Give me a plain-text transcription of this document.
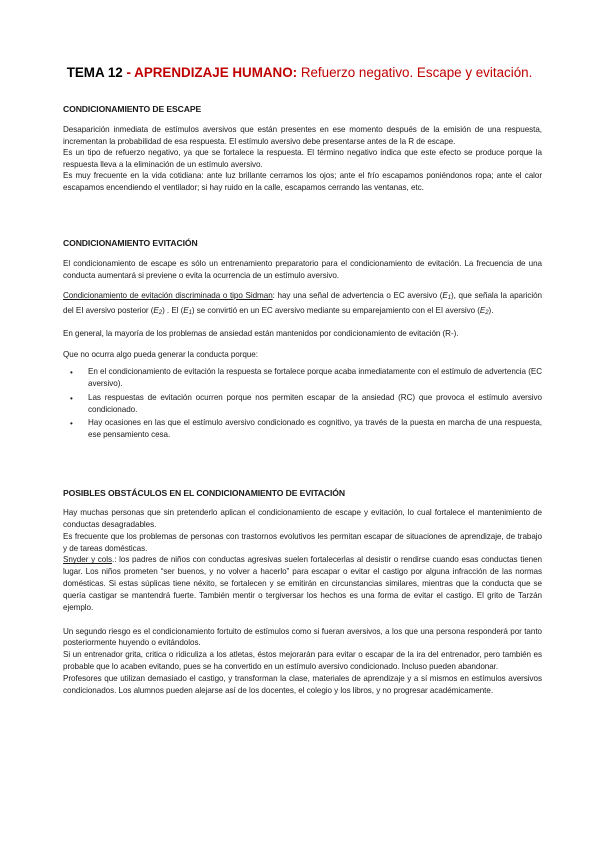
TEMA 12 - APRENDIZAJE HUMANO: Refuerzo negativo. Escape y evitación.
CONDICIONAMIENTO DE ESCAPE

Desaparición inmediata de estímulos aversivos que están presentes en ese momento después de la emisión de una respuesta, incrementan la probabilidad de esa respuesta. El estímulo aversivo debe presentarse antes de la R de escape.

Es un tipo de refuerzo negativo, ya que se fortalece la respuesta. El término negativo indica que este efecto se produce porque la respuesta lleva a la eliminación de un estímulo aversivo.

Es muy frecuente en la vida cotidiana: ante luz brillante cerramos los ojos; ante el frío escapamos poniéndonos ropa; ante el calor escapamos encendiendo el ventilador; si hay ruido en la calle, escapamos cerrando las ventanas, etc.

CONDICIONAMIENTO EVITACIÓN

El condicionamiento de escape es sólo un entrenamiento preparatorio para el condicionamiento de evitación. La frecuencia de una conducta aumentará si previene o evita la ocurrencia de un estímulo aversivo.

Condicionamiento de evitación discriminada o tipo Sidman: hay una señal de advertencia o EC aversivo (E1), que señala la aparición del EI aversivo posterior (E2) . El (E1) se convirtió en un EC aversivo mediante su emparejamiento con el EI aversivo (E2).

En general, la mayoría de los problemas de ansiedad están mantenidos por condicionamiento de evitación (R-).

Que no ocurra algo pueda generar la conducta porque:

• En el condicionamiento de evitación la respuesta se fortalece porque acaba inmediatamente con el estímulo de advertencia (EC aversivo).
• Las respuestas de evitación ocurren porque nos permiten escapar de la ansiedad (RC) que provoca el estímulo aversivo condicionado.
• Hay ocasiones en las que el estímulo aversivo condicionado es cognitivo, ya través de la puesta en marcha de una respuesta, ese pensamiento cesa.
POSIBLES OBSTÁCULOS EN EL CONDICIONAMIENTO DE EVITACIÓN

Hay muchas personas que sin pretenderlo aplican el condicionamiento de escape y evitación, lo cual fortalece el mantenimiento de conductas desagradables.

Es frecuente que los problemas de personas con trastornos evolutivos les permitan escapar de situaciones de aprendizaje, de trabajo y de tareas domésticas.

Snyder y cols.: los padres de niños con conductas agresivas suelen fortalecerlas al desistir o rendirse cuando esas conductas tienen lugar. Los niños prometen “ser buenos, y no volver a hacerlo” para escapar o evitar el castigo por alguna infracción de las normas domésticas. Si estas súplicas tiene néxito, se fortalecen y se emitirán en circunstancias similares, mientras que la conducta que se quería castigar se mantendrá fuerte. También mentir o tergiversar los hechos es una forma de evitar el castigo. El grito de Tarzán ejemplo.

Un segundo riesgo es el condicionamiento fortuito de estímulos como si fueran aversivos, a los que una persona responderá por tanto posteriormente huyendo o evitándolos.

Si un entrenador grita, critica o ridiculiza a los atletas, éstos mejorarán para evitar o escapar de la ira del entrenador, pero también es probable que lo acaben evitando, pues se ha convertido en un estímulo aversivo condicionado. Incluso pueden abandonar.

Profesores que utilizan demasiado el castigo, y transforman la clase, materiales de aprendizaje y a sí mismos en estímulos aversivos condicionados. Los alumnos pueden alejarse así de los docentes, el colegio y los libros, y no progresar académicamente.
